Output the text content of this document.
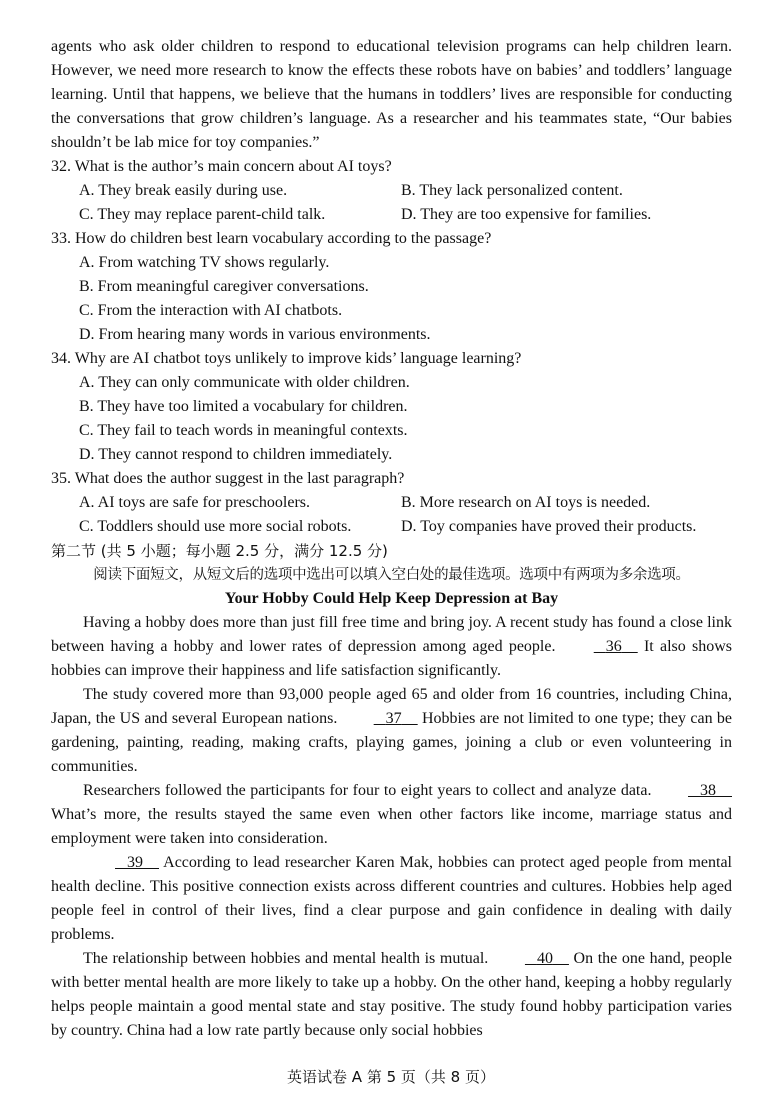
agents who ask older children to respond to educational television programs can help children learn. However, we need more research to know the effects these robots have on babies’ and toddlers’ language learning. Until that happens, we believe that the humans in toddlers’ lives are responsible for conducting the conversations that grow children’s language. As a researcher and his teammates state, “Our babies shouldn’t be lab mice for toy companies.”

32. What is the author’s main concern about AI toys?
A. They break easily during use.	B. They lack personalized content.
C. They may replace parent-child talk.	D. They are too expensive for families.
33. How do children best learn vocabulary according to the passage?
A. From watching TV shows regularly.
B. From meaningful caregiver conversations.
C. From the interaction with AI chatbots.
D. From hearing many words in various environments.
34. Why are AI chatbot toys unlikely to improve kids’ language learning?
A. They can only communicate with older children.
B. They have too limited a vocabulary for children.
C. They fail to teach words in meaningful contexts.
D. They cannot respond to children immediately.
35. What does the author suggest in the last paragraph?
A. AI toys are safe for preschoolers.	B. More research on AI toys is needed.
C. Toddlers should use more social robots.	D. Toy companies have proved their products.
第二节 (共 5 小题；每小题 2.5 分，满分 12.5 分)
阅读下面短文，从短文后的选项中选出可以填入空白处的最佳选项。选项中有两项为多余选项。
Your Hobby Could Help Keep Depression at Bay

Having a hobby does more than just fill free time and bring joy. A recent study has found a close link between having a hobby and lower rates of depression among aged people.	36     It also shows hobbies can improve their happiness and life satisfaction significantly.

The study covered more than 93,000 people aged 65 and older from 16 countries, including China, Japan, the US and several European nations.	37     Hobbies are not limited to one type; they can be gardening, painting, reading, making crafts, playing games, joining a club or even volunteering in communities.

Researchers followed the participants for four to eight years to collect and analyze data.	38     What’s more, the results stayed the same even when other factors like income, marriage status and employment were taken into consideration.

39     According to lead researcher Karen Mak, hobbies can protect aged people from mental health decline. This positive connection exists across different countries and cultures. Hobbies help aged people feel in control of their lives, find a clear purpose and gain confidence in dealing with daily problems.

The relationship between hobbies and mental health is mutual.	40     On the one hand, people with better mental health are more likely to take up a hobby. On the other hand, keeping a hobby regularly helps people maintain a good mental state and stay positive. The study found hobby participation varies by country. China had a low rate partly because only social hobbies

英语试卷 A 第 5 页（共 8 页）
